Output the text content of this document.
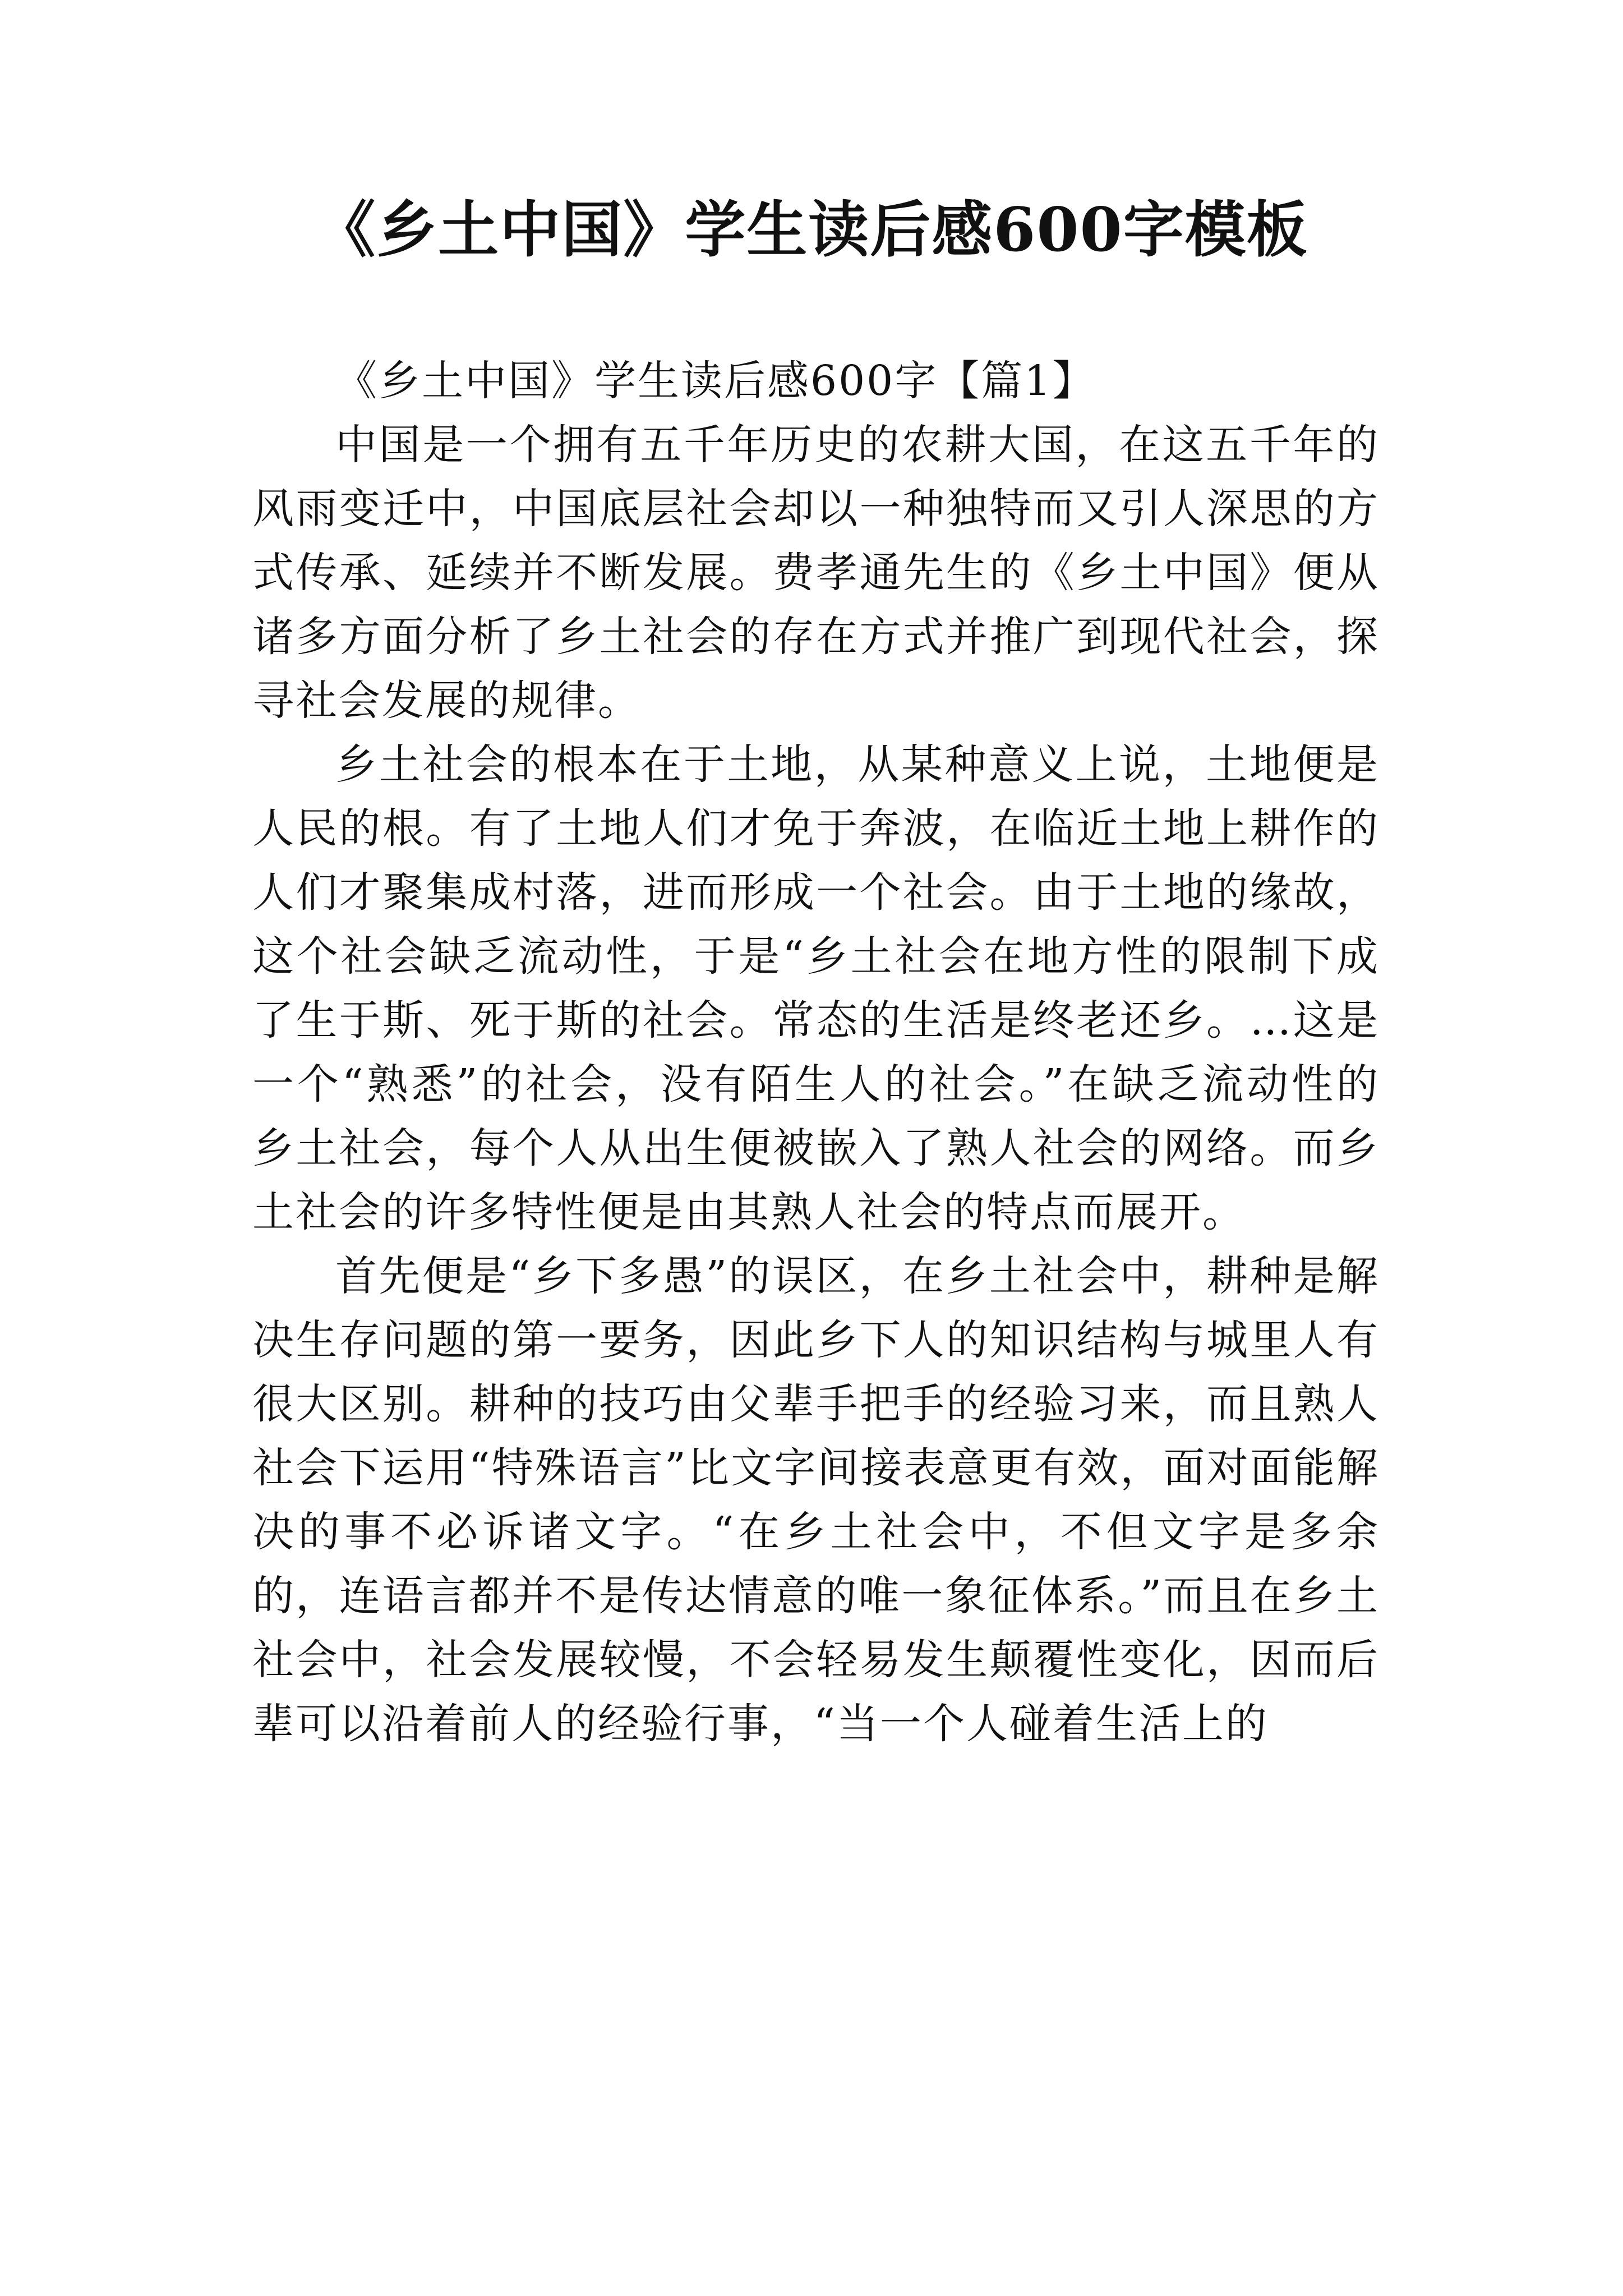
《乡土中国》学生读后感600字模板

《乡土中国》学生读后感600字【篇1】

中国是一个拥有五千年历史的农耕大国，在这五千年的风雨变迁中，中国底层社会却以一种独特而又引人深思的方式传承、延续并不断发展。费孝通先生的《乡土中国》便从诸多方面分析了乡土社会的存在方式并推广到现代社会，探寻社会发展的规律。

乡土社会的根本在于土地，从某种意义上说，土地便是人民的根。有了土地人们才免于奔波，在临近土地上耕作的人们才聚集成村落，进而形成一个社会。由于土地的缘故，这个社会缺乏流动性，于是“乡土社会在地方性的限制下成了生于斯、死于斯的社会。常态的生活是终老还乡。…这是一个“熟悉”的社会，没有陌生人的社会。”在缺乏流动性的乡土社会，每个人从出生便被嵌入了熟人社会的网络。而乡土社会的许多特性便是由其熟人社会的特点而展开。

首先便是“乡下多愚”的误区，在乡土社会中，耕种是解决生存问题的第一要务，因此乡下人的知识结构与城里人有很大区别。耕种的技巧由父辈手把手的经验习来，而且熟人社会下运用“特殊语言”比文字间接表意更有效，面对面能解决的事不必诉诸文字。“在乡土社会中，不但文字是多余的，连语言都并不是传达情意的唯一象征体系。”而且在乡土社会中，社会发展较慢，不会轻易发生颠覆性变化，因而后辈可以沿着前人的经验行事，“当一个人碰着生活上的
